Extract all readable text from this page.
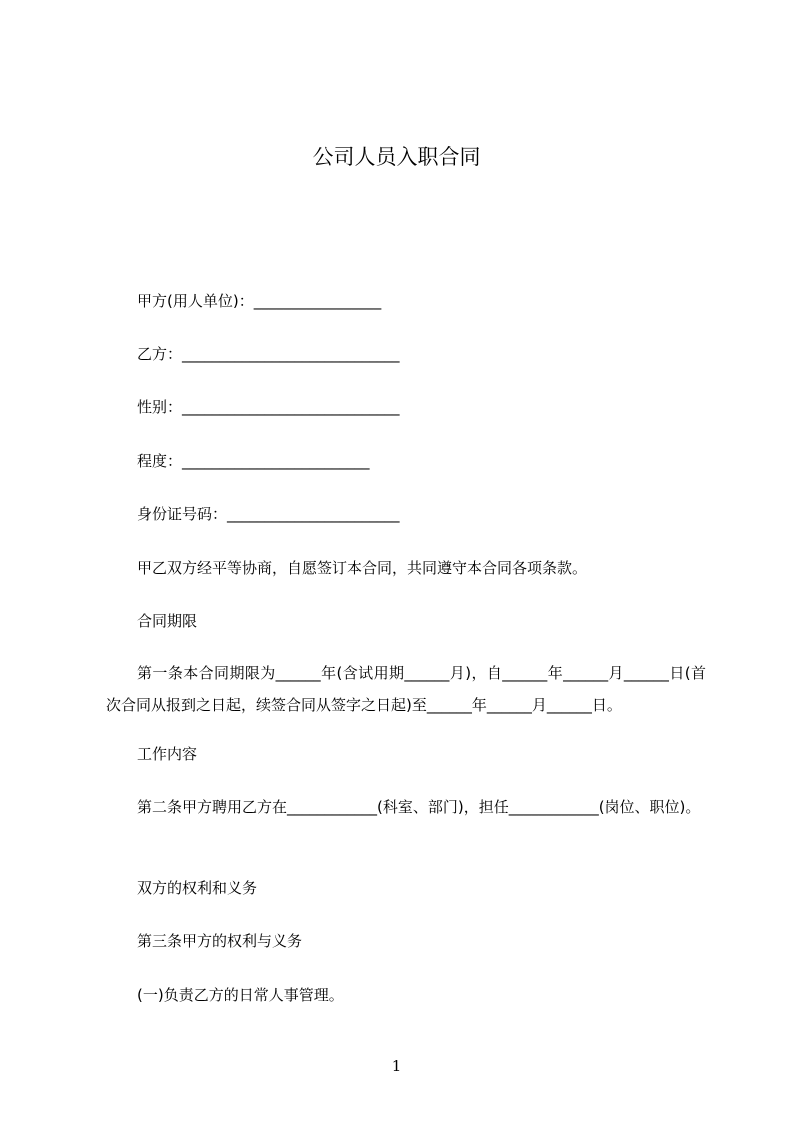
公司人员入职合同
甲方(用人单位)：_________________
乙方：_____________________________
性别：_____________________________
程度：_________________________
身份证号码：_______________________
甲乙双方经平等协商，自愿签订本合同，共同遵守本合同各项条款。
合同期限
第一条本合同期限为______年(含试用期______月)，自______年______月______日(首次合同从报到之日起，续签合同从签字之日起)至______年______月______日。
工作内容
第二条甲方聘用乙方在____________(科室、部门)，担任____________(岗位、职位)。
双方的权利和义务
第三条甲方的权利与义务
(一)负责乙方的日常人事管理。
1
